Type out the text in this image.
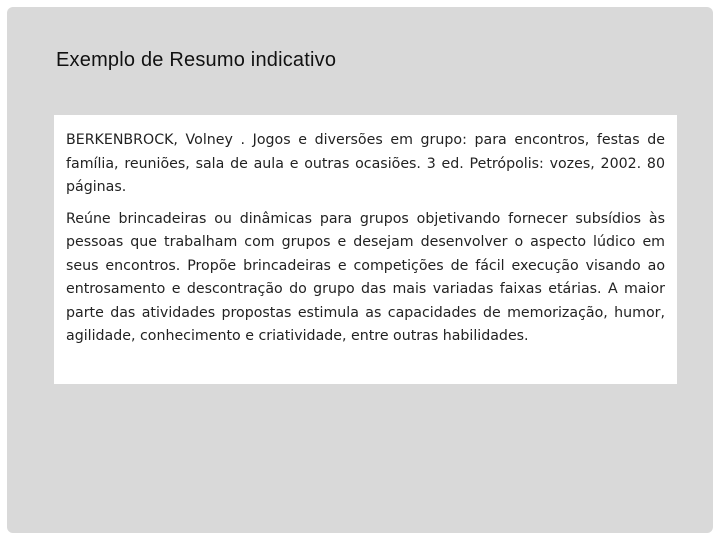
Exemplo de Resumo indicativo

BERKENBROCK, Volney . Jogos e diversões em grupo: para encontros, festas de família, reuniões, sala de aula e outras ocasiões. 3 ed. Petrópolis: vozes, 2002. 80 páginas.

Reúne brincadeiras ou dinâmicas para grupos objetivando fornecer subsídios às pessoas que trabalham com grupos e desejam desenvolver o aspecto lúdico em seus encontros. Propõe brincadeiras e competições de fácil execução visando ao entrosamento e descontração do grupo das mais variadas faixas etárias. A maior parte das atividades propostas estimula as capacidades de memorização, humor, agilidade, conhecimento e criatividade, entre outras habilidades.
